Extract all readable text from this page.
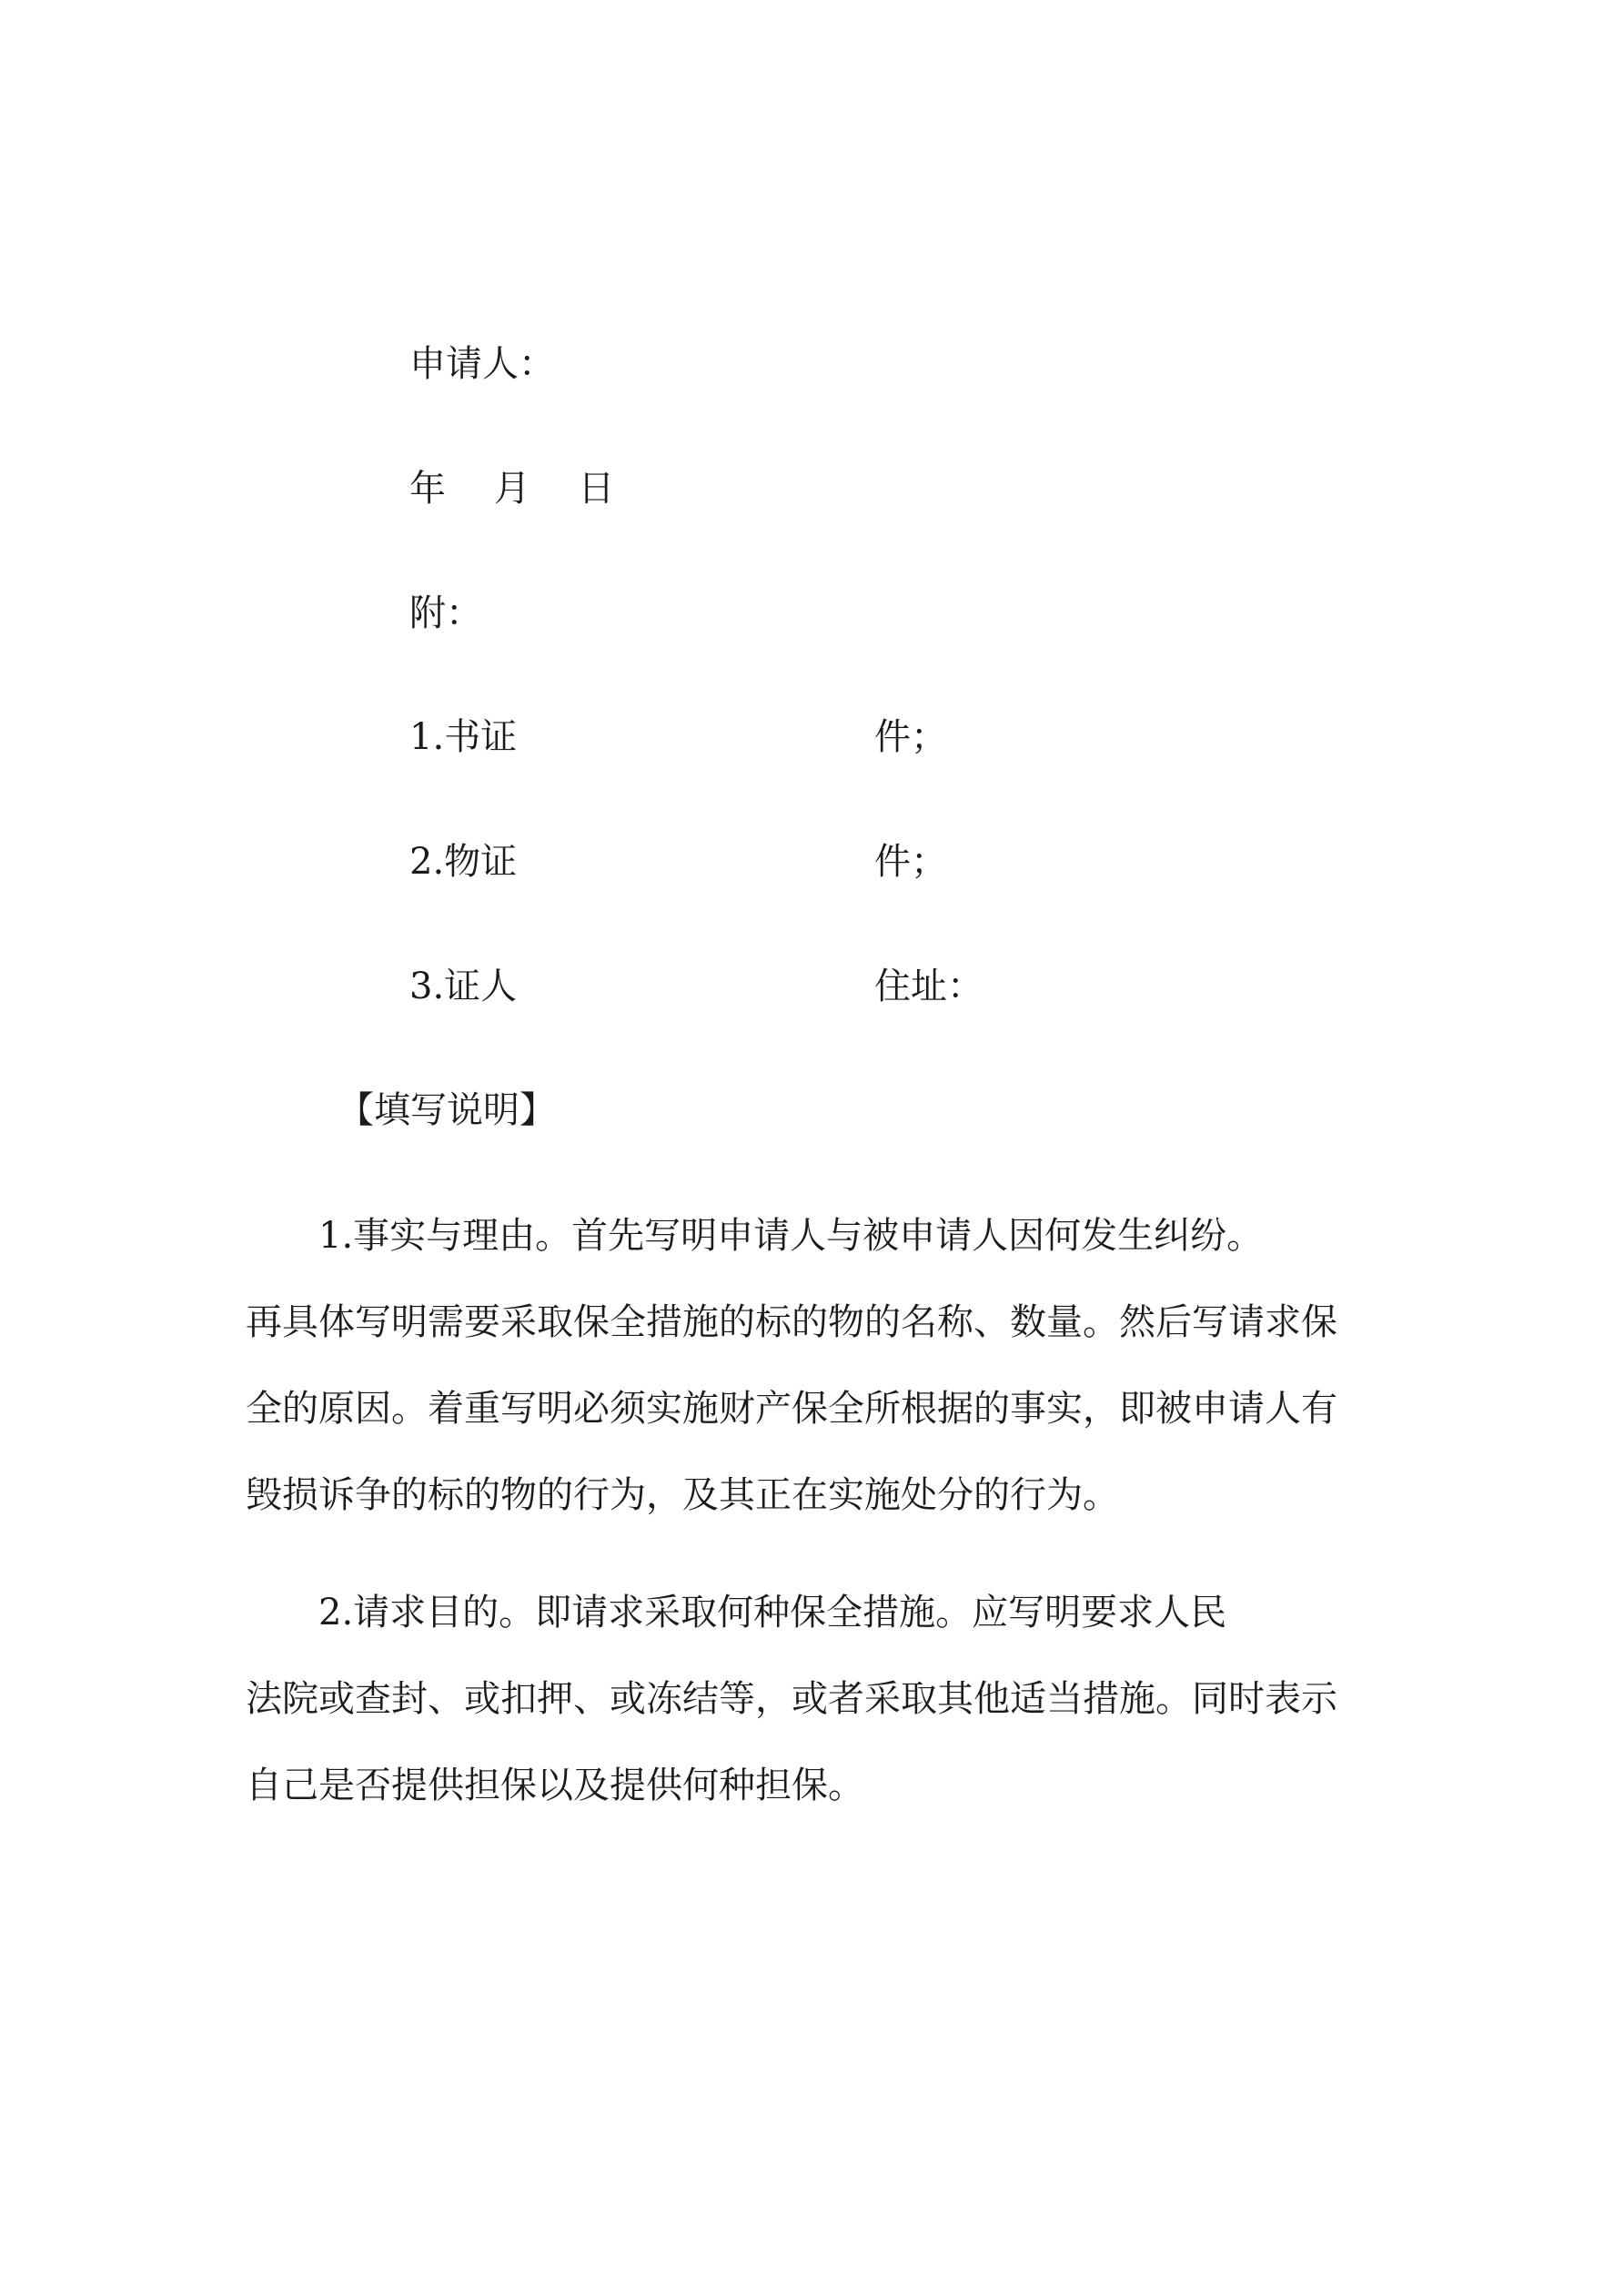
申请人：
年　 月　 日
附：
1.书证	件；
2.物证	件；
3.证人	住址：
【填写说明】
　　1.事实与理由。首先写明申请人与被申请人因何发生纠纷。
再具体写明需要采取保全措施的标的物的名称、数量。然后写请求保
全的原因。着重写明必须实施财产保全所根据的事实，即被申请人有
毁损诉争的标的物的行为，及其正在实施处分的行为。
　　2.请求目的。即请求采取何种保全措施。应写明要求人民
法院或查封、或扣押、或冻结等，或者采取其他适当措施。同时表示
自己是否提供担保以及提供何种担保。
